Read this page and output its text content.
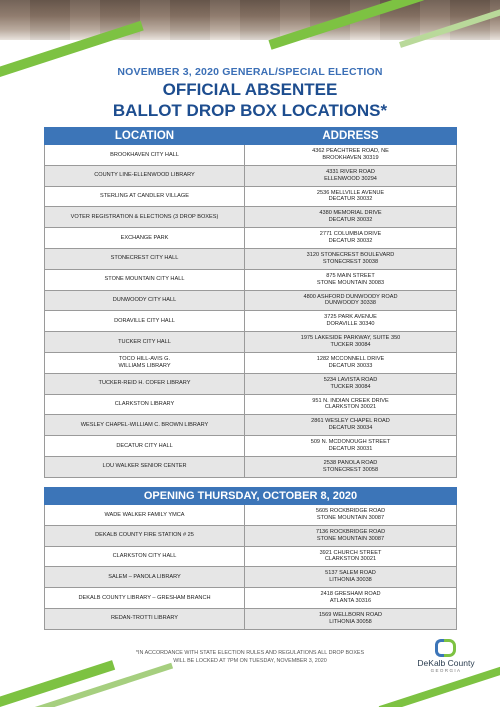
NOVEMBER 3, 2020 GENERAL/SPECIAL ELECTION
OFFICIAL ABSENTEE
BALLOT DROP BOX LOCATIONS*
LOCATION	ADDRESS
BROOKHAVEN CITY HALL	4362 PEACHTREE ROAD, NE
BROOKHAVEN 30319
COUNTY LINE-ELLENWOOD LIBRARY	4331 RIVER ROAD
ELLENWOOD 30294
STERLING AT CANDLER VILLAGE	2536 MELLVILLE AVENUE
DECATUR 30032
VOTER REGISTRATION & ELECTIONS (3 DROP BOXES)	4380 MEMORIAL DRIVE
DECATUR 30032
EXCHANGE PARK	2771 COLUMBIA DRIVE
DECATUR 30032
STONECREST CITY HALL	3120 STONECREST BOULEVARD
STONECREST 30038
STONE MOUNTAIN CITY HALL	875 MAIN STREET
STONE MOUNTAIN 30083
DUNWOODY CITY HALL	4800 ASHFORD DUNWOODY ROAD
DUNWOODY 30338
DORAVILLE CITY HALL	3725 PARK AVENUE
DORAVILLE 30340
TUCKER CITY HALL	1975 LAKESIDE PARKWAY, SUITE 350
TUCKER 30084
TOCO HILL-AVIS G.
WILLIAMS LIBRARY	1282 MCCONNELL DRIVE
DECATUR 30033
TUCKER-REID H. COFER LIBRARY	5234 LAVISTA ROAD
TUCKER 30084
CLARKSTON LIBRARY	951 N. INDIAN CREEK DRIVE
CLARKSTON 30021
WESLEY CHAPEL-WILLIAM C. BROWN LIBRARY	2861 WESLEY CHAPEL ROAD
DECATUR 30034
DECATUR CITY HALL	509 N. MCDONOUGH STREET
DECATUR 30031
LOU WALKER SENIOR CENTER	2538 PANOLA ROAD
STONECREST 30058
OPENING THURSDAY, OCTOBER 8, 2020	
WADE WALKER FAMILY YMCA	5605 ROCKBRIDGE ROAD
STONE MOUNTAIN 30087
DEKALB COUNTY FIRE STATION # 25	7136 ROCKBRIDGE ROAD
STONE MOUNTAIN 30087
CLARKSTON CITY HALL	3921 CHURCH STREET
CLARKSTON 30021
SALEM – PANOLA LIBRARY	5137 SALEM ROAD
LITHONIA 30038
DEKALB COUNTY LIBRARY – GRESHAM BRANCH	2418 GRESHAM ROAD
ATLANTA 30316
REDAN-TROTTI LIBRARY	1569 WELLBORN ROAD
LITHONIA 30058
*IN ACCORDANCE WITH STATE ELECTION RULES AND REGULATIONS ALL DROP BOXES
WILL BE LOCKED AT 7PM ON TUESDAY, NOVEMBER 3, 2020	DeKalb County
GEORGIA
